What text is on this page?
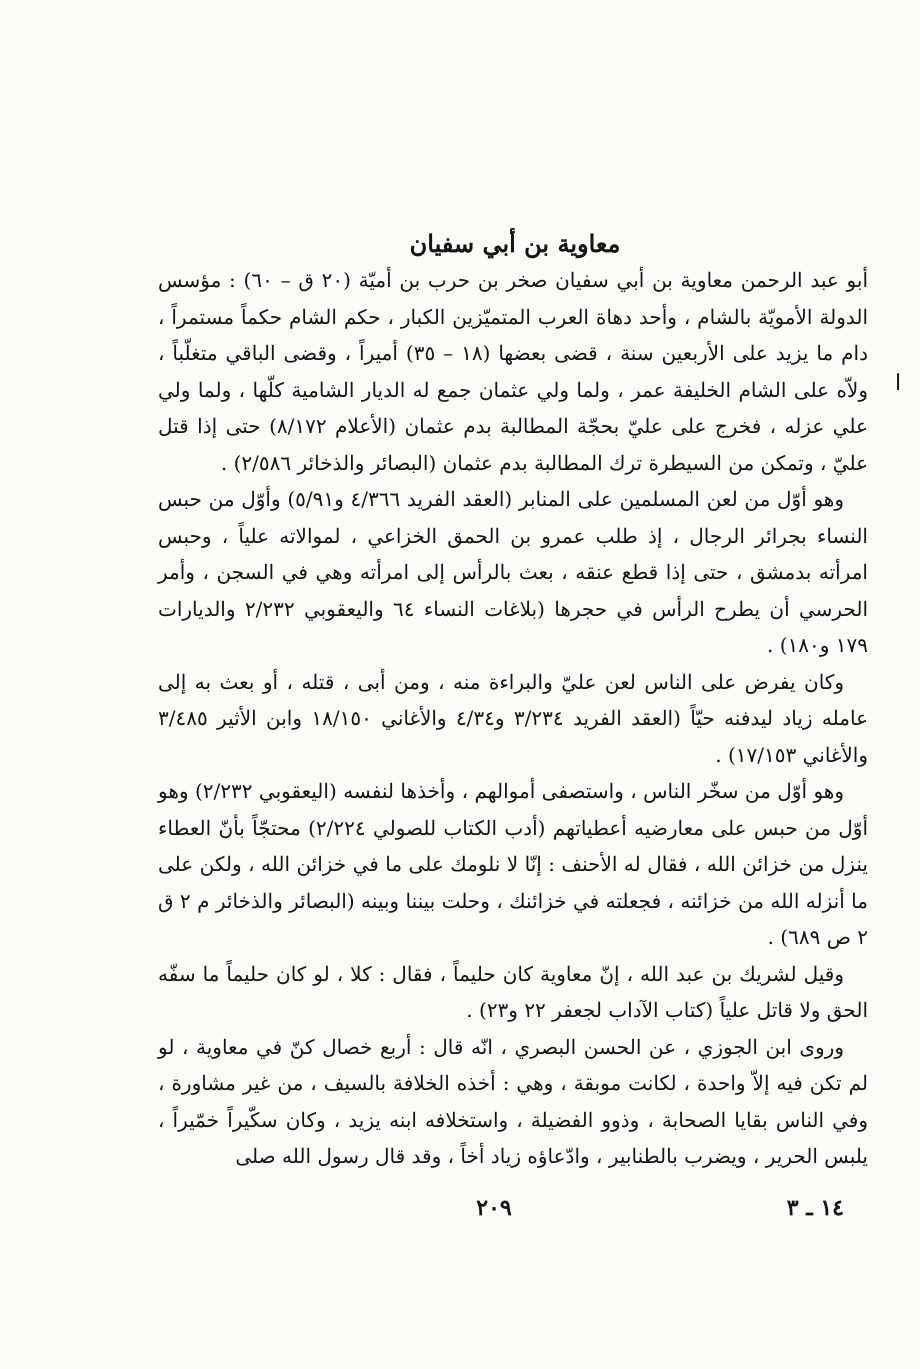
معاوية بن أبي سفيان
ا

أبو عبد الرحمن معاوية بن أبي سفيان صخر بن حرب بن أميّة (٢٠ ق – ٦٠) : مؤسس الدولة الأمويّة بالشام ، وأحد دهاة العرب المتميّزين الكبار ، حكم الشام حكماً مستمراً ، دام ما يزيد على الأربعين سنة ، قضى بعضها (١٨ – ٣٥) أميراً ، وقضى الباقي متغلّباً ، ولاّه على الشام الخليفة عمر ، ولما ولي عثمان جمع له الديار الشامية كلّها ، ولما ولي علي عزله ، فخرج على عليّ بحجّة المطالبة بدم عثمان (الأعلام ٨/١٧٢) حتى إذا قتل عليّ ، وتمكن من السيطرة ترك المطالبة بدم عثمان (البصائر والذخائر ٢/٥٨٦) .

وهو أوّل من لعن المسلمين على المنابر (العقد الفريد ٤/٣٦٦ و٥/٩١) وأوّل من حبس النساء بجرائر الرجال ، إذ طلب عمرو بن الحمق الخزاعي ، لموالاته علياً ، وحبس امرأته بدمشق ، حتى إذا قطع عنقه ، بعث بالرأس إلى امرأته وهي في السجن ، وأمر الحرسي أن يطرح الرأس في حجرها (بلاغات النساء ٦٤ واليعقوبي ٢/٢٣٢ والديارات ١٧٩ و١٨٠) .

وكان يفرض على الناس لعن عليّ والبراءة منه ، ومن أبى ، قتله ، أو بعث به إلى عامله زياد ليدفنه حيّاً (العقد الفريد ٣/٢٣٤ و٤/٣٤ والأغاني ١٨/١٥٠ وابن الأثير ٣/٤٨٥ والأغاني ١٧/١٥٣) .

وهو أوّل من سخّر الناس ، واستصفى أموالهم ، وأخذها لنفسه (اليعقوبي ٢/٢٣٢) وهو أوّل من حبس على معارضيه أعطياتهم (أدب الكتاب للصولي ٢/٢٢٤) محتجّاً بأنّ العطاء ينزل من خزائن الله ، فقال له الأحنف : إنّا لا نلومك على ما في خزائن الله ، ولكن على ما أنزله الله من خزائنه ، فجعلته في خزائنك ، وحلت بيننا وبينه (البصائر والذخائر م ٢ ق ٢ ص ٦٨٩) .

وقيل لشريك بن عبد الله ، إنّ معاوية كان حليماً ، فقال : كلا ، لو كان حليماً ما سفّه الحق ولا قاتل علياً (كتاب الآداب لجعفر ٢٢ و٢٣) .

وروى ابن الجوزي ، عن الحسن البصري ، انّه قال : أربع خصال كنّ في معاوية ، لو لم تكن فيه إلاّ واحدة ، لكانت موبقة ، وهي : أخذه الخلافة بالسيف ، من غير مشاورة ، وفي الناس بقايا الصحابة ، وذوو الفضيلة ، واستخلافه ابنه يزيد ، وكان سكّيراً خمّيراً ، يلبس الحرير ، ويضرب بالطنابير ، وادّعاؤه زياد أخاً ، وقد قال رسول الله صلى

٢٠٩	١٤ ـ ٣
